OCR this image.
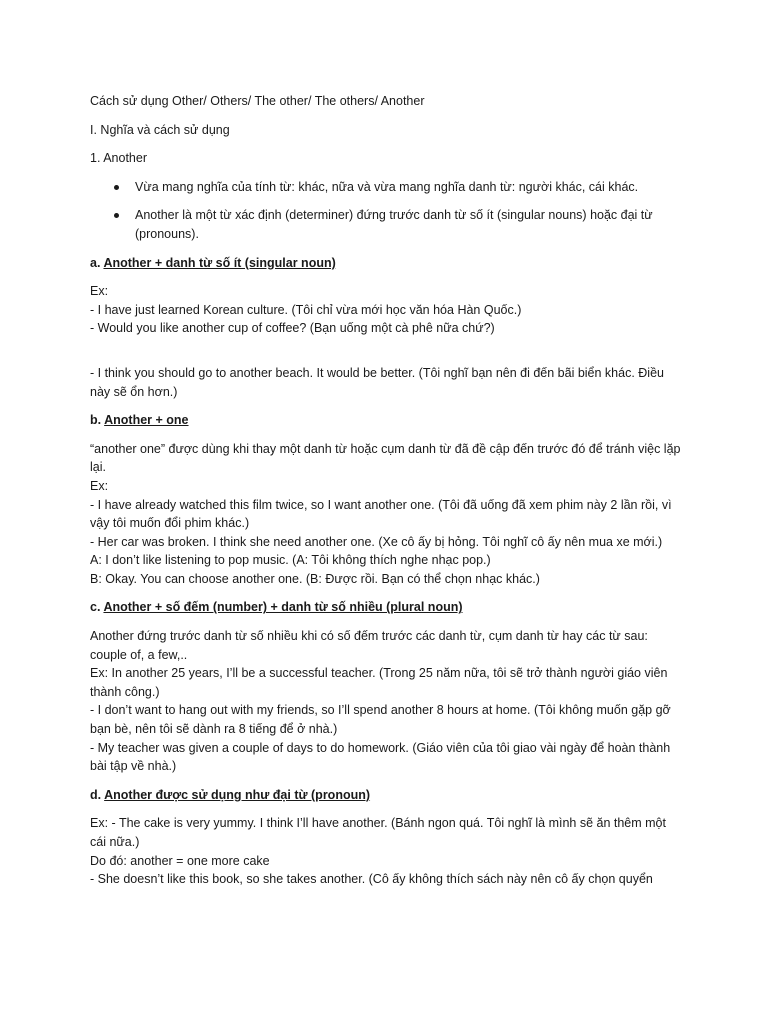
Cách sử dụng Other/ Others/ The other/ The others/ Another

I. Nghĩa và cách sử dụng

1. Another

Vừa mang nghĩa của tính từ: khác, nữa và vừa mang nghĩa danh từ: người khác, cái khác.
Another là một từ xác định (determiner) đứng trước danh từ số ít (singular nouns) hoặc đại từ (pronouns).

a. Another + danh từ số ít (singular noun)

Ex:
- I have just learned Korean culture. (Tôi chỉ vừa mới học văn hóa Hàn Quốc.)
- Would you like another cup of coffee? (Bạn uống một cà phê nữa chứ?)

- I think you should go to another beach. It would be better. (Tôi nghĩ bạn nên đi đến bãi biển khác. Điều này sẽ ổn hơn.)

b. Another + one

“another one” được dùng khi thay một danh từ hoặc cụm danh từ đã đề cập đến trước đó để tránh việc lặp lại.
Ex:
- I have already watched this film twice, so I want another one. (Tôi đã uống đã xem phim này 2 lần rồi, vì vậy tôi muốn đổi phim khác.)
- Her car was broken. I think she need another one. (Xe cô ấy bị hỏng. Tôi nghĩ cô ấy nên mua xe mới.)
A: I don’t like listening to pop music. (A: Tôi không thích nghe nhạc pop.)
B: Okay. You can choose another one. (B: Được rồi. Bạn có thể chọn nhạc khác.)

c. Another + số đếm (number) + danh từ số nhiều (plural noun)

Another đứng trước danh từ số nhiều khi có số đếm trước các danh từ, cụm danh từ hay các từ sau: couple of, a few,..
Ex: In another 25 years, I’ll be a successful teacher. (Trong 25 năm nữa, tôi sẽ trở thành người giáo viên thành công.)
- I don’t want to hang out with my friends, so I’ll spend another 8 hours at home. (Tôi không muốn gặp gỡ bạn bè, nên tôi sẽ dành ra 8 tiếng để ở nhà.)
- My teacher was given a couple of days to do homework. (Giáo viên của tôi giao vài ngày để hoàn thành bài tập về nhà.)

d. Another được sử dụng như đại từ (pronoun)

Ex: - The cake is very yummy. I think I’ll have another. (Bánh ngon quá. Tôi nghĩ là mình sẽ ăn thêm một cái nữa.)
Do đó: another = one more cake
- She doesn’t like this book, so she takes another. (Cô ấy không thích sách này nên cô ấy chọn quyển
